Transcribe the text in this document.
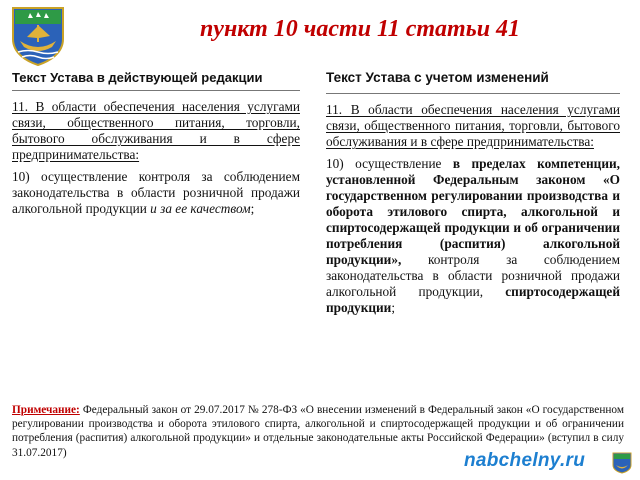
пункт 10 части 11 статьи 41
Текст Устава в действующей редакции
11. В области обеспечения населения услугами связи, общественного питания, торговли, бытового обслуживания и в сфере предпринимательства:
10) осуществление контроля за соблюдением законодательства в области розничной продажи алкогольной продукции и за ее качеством;
Текст Устава с учетом изменений
11. В области обеспечения населения услугами связи, общественного питания, торговли, бытового обслуживания и в сфере предпринимательства:
10) осуществление в пределах компетенции, установленной Федеральным законом «О государственном регулировании производства и оборота этилового спирта, алкогольной и спиртосодержащей продукции и об ограничении потребления (распития) алкогольной продукции», контроля за соблюдением законодательства в области розничной продажи алкогольной продукции, спиртосодержащей продукции;
Примечание: Федеральный закон от 29.07.2017 № 278-ФЗ «О внесении изменений в Федеральный закон «О государственном регулировании производства и оборота этилового спирта, алкогольной и спиртосодержащей продукции и об ограничении потребления (распития) алкогольной продукции» и отдельные законодательные акты Российской Федерации» (вступил в силу 31.07.2017)	nabchelny.ru
